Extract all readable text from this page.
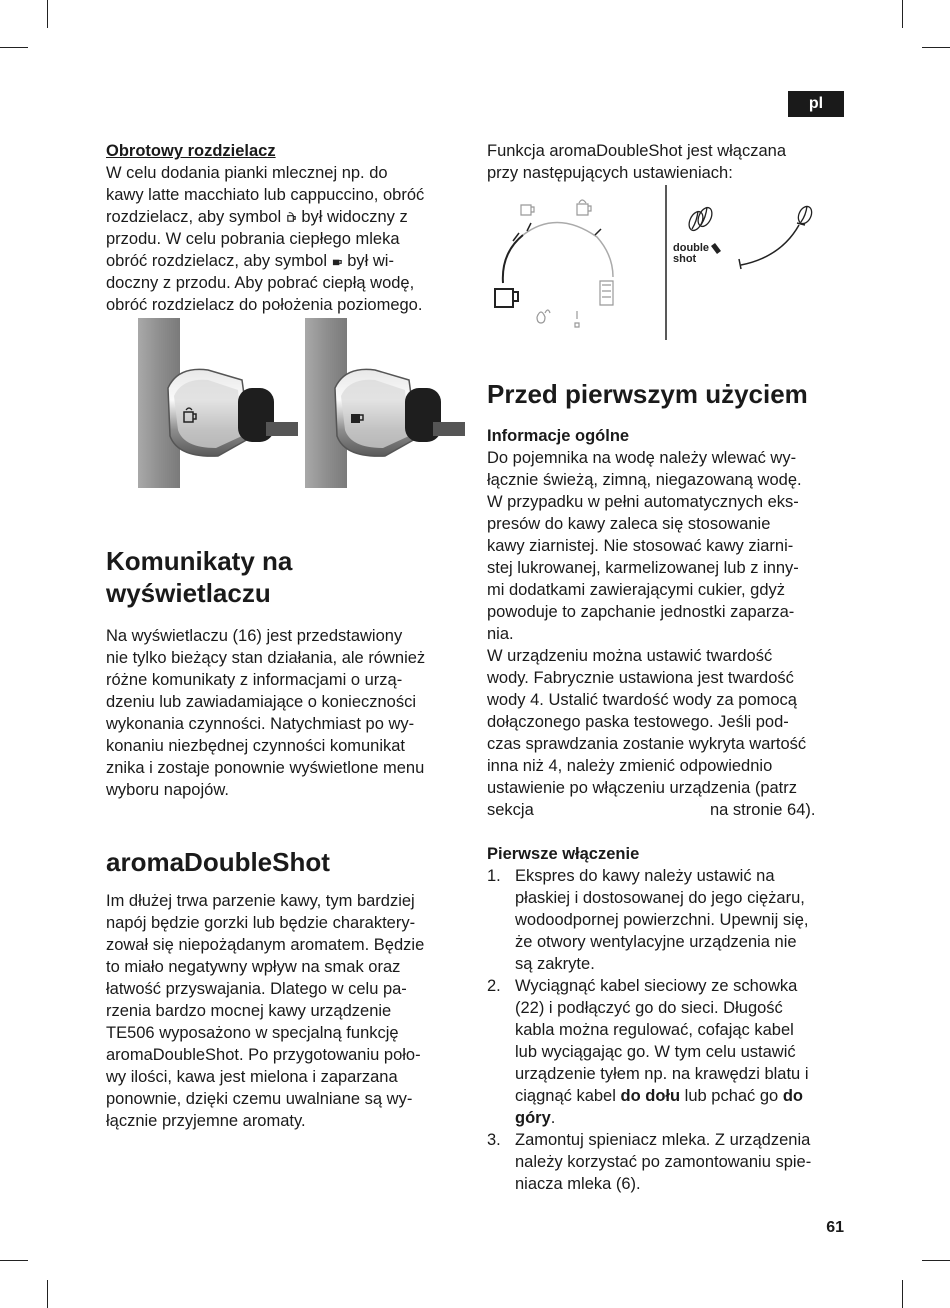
pl

Obrotowy rozdzielacz

W celu dodania pianki mlecznej np. do

kawy latte macchiato lub cappuccino, obróć

rozdzielacz, aby symbol  był widoczny z

przodu. W celu pobrania ciepłego mleka

obróć rozdzielacz, aby symbol  był wi-

doczny z przodu. Aby pobrać ciepłą wodę,

obróć rozdzielacz do położenia poziomego.

Komunikaty na
wyświetlaczu

Na wyświetlaczu (16) jest przedstawiony

nie tylko bieżący stan działania, ale również

różne komunikaty z informacjami o urzą-

dzeniu lub zawiadamiające o konieczności

wykonania czynności. Natychmiast po wy-

konaniu niezbędnej czynności komunikat

znika i zostaje ponownie wyświetlone menu

wyboru napojów.

aromaDoubleShot

Im dłużej trwa parzenie kawy, tym bardziej

napój będzie gorzki lub będzie charaktery-

zował się niepożądanym aromatem. Będzie

to miało negatywny wpływ na smak oraz

łatwość przyswajania. Dlatego w celu pa-

rzenia bardzo mocnej kawy urządzenie

TE506 wyposażono w specjalną funkcję

aromaDoubleShot. Po przygotowaniu poło-

wy ilości, kawa jest mielona i zaparzana

ponownie, dzięki czemu uwalniane są wy-

łącznie przyjemne aromaty.

Funkcja aromaDoubleShot jest włączana

przy następujących ustawieniach:

double
shot
Przed pierwszym użyciem

Informacje ogólne

Do pojemnika na wodę należy wlewać wy-

łącznie świeżą, zimną, niegazowaną wodę.

W przypadku w pełni automatycznych eks-

presów do kawy zaleca się stosowanie

kawy ziarnistej. Nie stosować kawy ziarni-

stej lukrowanej, karmelizowanej lub z inny-

mi dodatkami zawierającymi cukier, gdyż

powoduje to zapchanie jednostki zaparza-

nia.

W urządzeniu można ustawić twardość

wody. Fabrycznie ustawiona jest twardość

wody 4. Ustalić twardość wody za pomocą

dołączonego paska testowego. Jeśli pod-

czas sprawdzania zostanie wykryta wartość

inna niż 4, należy zmienić odpowiednio

ustawienie po włączeniu urządzenia (patrz

sekcja	na stronie 64).

Pierwsze włączenie

1. Ekspres do kawy należy ustawić na

płaskiej i dostosowanej do jego ciężaru,

wodoodpornej powierzchni. Upewnij się,

że otwory wentylacyjne urządzenia nie

są zakryte.

2. Wyciągnąć kabel sieciowy ze schowka

(22) i podłączyć go do sieci. Długość

kabla można regulować, cofając kabel

lub wyciągając go. W tym celu ustawić

urządzenie tyłem np. na krawędzi blatu i

ciągnąć kabel do dołu lub pchać go do

góry.

3. Zamontuj spieniacz mleka. Z urządzenia

należy korzystać po zamontowaniu spie-

niacza mleka (6).

61
